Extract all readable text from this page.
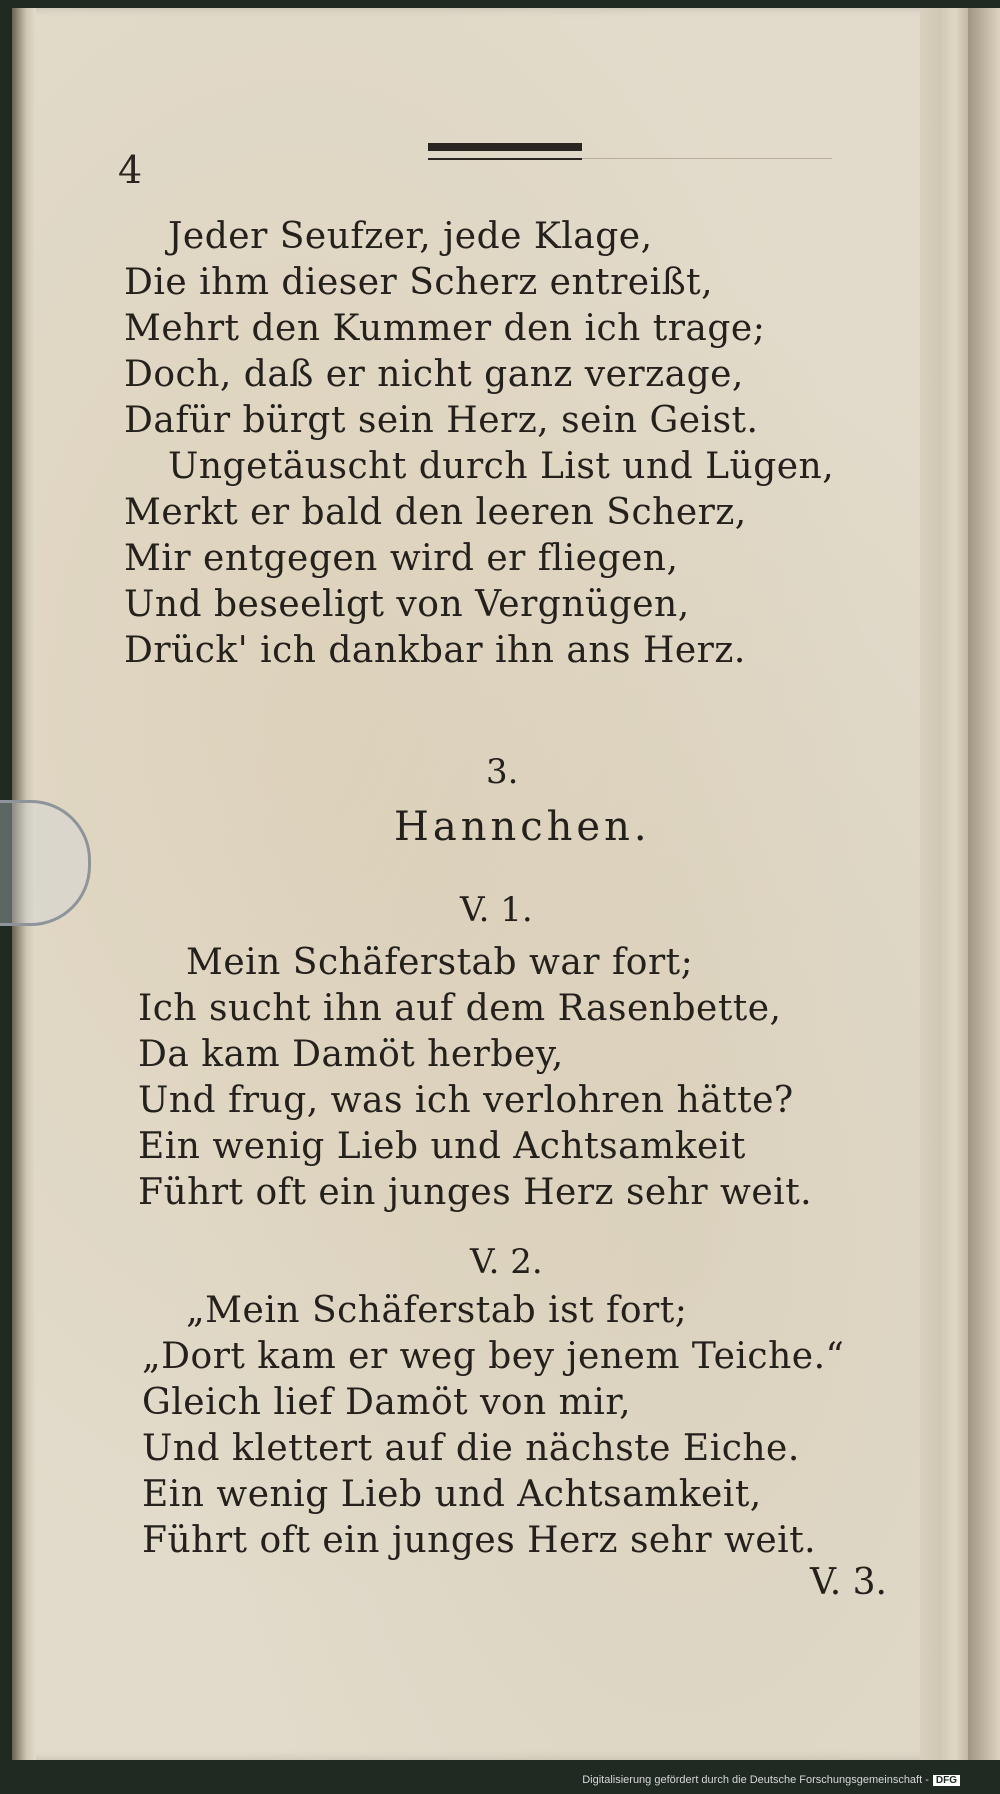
4
Jeder Seufzer, jede Klage,
Die ihm dieser Scherz entreißt,
Mehrt den Kummer den ich trage;
Doch, daß er nicht ganz verzage,
Dafür bürgt sein Herz, sein Geist.
Ungetäuscht durch List und Lügen,
Merkt er bald den leeren Scherz,
Mir entgegen wird er fliegen,
Und beseeligt von Vergnügen,
Drück' ich dankbar ihn ans Herz.
3.
Hannchen.
V. 1.
Mein Schäferstab war fort;
Ich sucht ihn auf dem Rasenbette,
Da kam Damöt herbey,
Und frug, was ich verlohren hätte?
Ein wenig Lieb und Achtsamkeit
Führt oft ein junges Herz sehr weit.
V. 2.
„Mein Schäferstab ist fort;
„Dort kam er weg bey jenem Teiche.“
Gleich lief Damöt von mir,
Und klettert auf die nächste Eiche.
Ein wenig Lieb und Achtsamkeit,
Führt oft ein junges Herz sehr weit.
V. 3.
Digitalisierung gefördert durch die Deutsche Forschungsgemeinschaft - DFG
